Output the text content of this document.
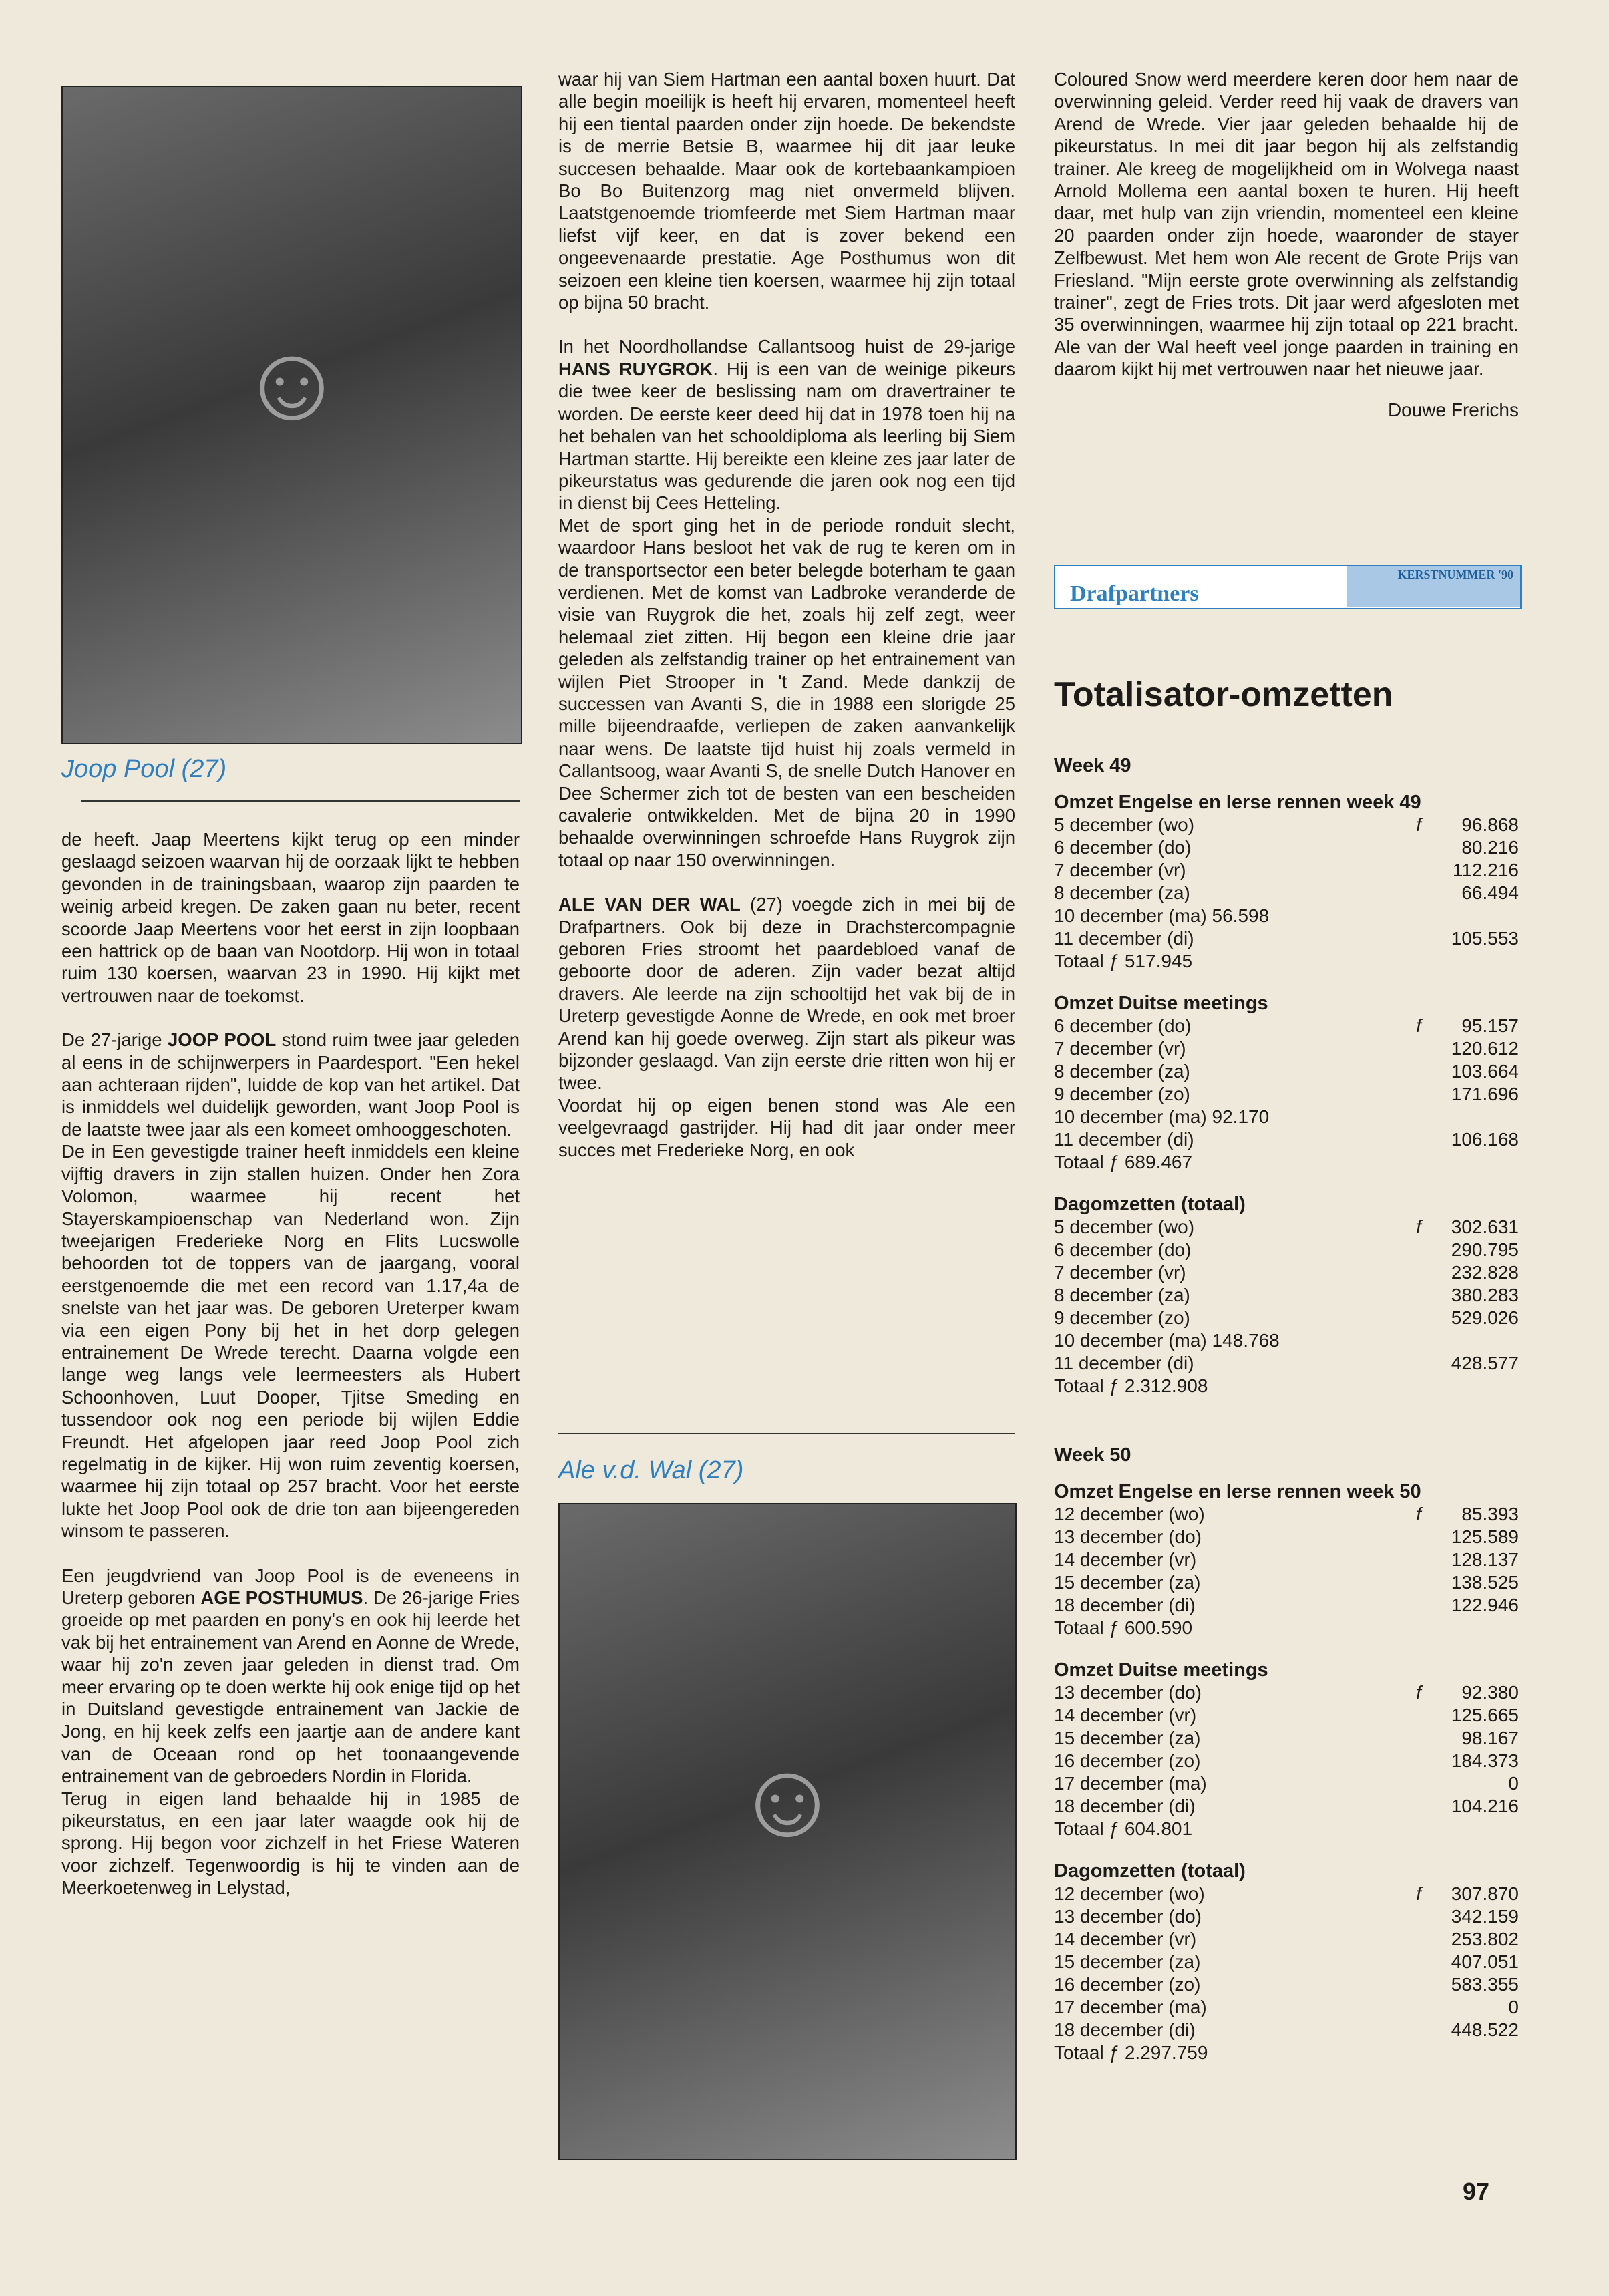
☺
Joop Pool (27)

de heeft. Jaap Meertens kijkt terug op een minder geslaagd seizoen waarvan hij de oorzaak lijkt te hebben gevonden in de trainingsbaan, waarop zijn paarden te weinig arbeid kregen. De zaken gaan nu beter, recent scoorde Jaap Meertens voor het eerst in zijn loopbaan een hattrick op de baan van Nootdorp. Hij won in totaal ruim 130 koersen, waarvan 23 in 1990. Hij kijkt met vertrouwen naar de toekomst.

De 27-jarige JOOP POOL stond ruim twee jaar geleden al eens in de schijnwerpers in Paardesport. "Een hekel aan achteraan rijden", luidde de kop van het artikel. Dat is inmiddels wel duidelijk geworden, want Joop Pool is de laatste twee jaar als een komeet omhooggeschoten.

De in Een gevestigde trainer heeft inmiddels een kleine vijftig dravers in zijn stallen huizen. Onder hen Zora Volomon, waarmee hij recent het Stayerskampioenschap van Nederland won. Zijn tweejarigen Frederieke Norg en Flits Lucswolle behoorden tot de toppers van de jaargang, vooral eerstgenoemde die met een record van 1.17,4a de snelste van het jaar was. De geboren Ureterper kwam via een eigen Pony bij het in het dorp gelegen entrainement De Wrede terecht. Daarna volgde een lange weg langs vele leermeesters als Hubert Schoonhoven, Luut Dooper, Tjitse Smeding en tussendoor ook nog een periode bij wijlen Eddie Freundt. Het afgelopen jaar reed Joop Pool zich regelmatig in de kijker. Hij won ruim zeventig koersen, waarmee hij zijn totaal op 257 bracht. Voor het eerste lukte het Joop Pool ook de drie ton aan bijeengereden winsom te passeren.

Een jeugdvriend van Joop Pool is de eveneens in Ureterp geboren AGE POSTHUMUS. De 26-jarige Fries groeide op met paarden en pony's en ook hij leerde het vak bij het entrainement van Arend en Aonne de Wrede, waar hij zo'n zeven jaar geleden in dienst trad. Om meer ervaring op te doen werkte hij ook enige tijd op het in Duitsland gevestigde entrainement van Jackie de Jong, en hij keek zelfs een jaartje aan de andere kant van de Oceaan rond op het toonaangevende entrainement van de gebroeders Nordin in Florida.

Terug in eigen land behaalde hij in 1985 de pikeurstatus, en een jaar later waagde ook hij de sprong. Hij begon voor zichzelf in het Friese Wateren voor zichzelf. Tegenwoordig is hij te vinden aan de Meerkoetenweg in Lelystad,

waar hij van Siem Hartman een aantal boxen huurt. Dat alle begin moeilijk is heeft hij ervaren, momenteel heeft hij een tiental paarden onder zijn hoede. De bekendste is de merrie Betsie B, waarmee hij dit jaar leuke succesen behaalde. Maar ook de kortebaankampioen Bo Bo Buitenzorg mag niet onvermeld blijven. Laatstgenoemde triomfeerde met Siem Hartman maar liefst vijf keer, en dat is zover bekend een ongeevenaarde prestatie. Age Posthumus won dit seizoen een kleine tien koersen, waarmee hij zijn totaal op bijna 50 bracht.

In het Noordhollandse Callantsoog huist de 29-jarige HANS RUYGROK. Hij is een van de weinige pikeurs die twee keer de beslissing nam om dravertrainer te worden. De eerste keer deed hij dat in 1978 toen hij na het behalen van het schooldiploma als leerling bij Siem Hartman startte. Hij bereikte een kleine zes jaar later de pikeurstatus was gedurende die jaren ook nog een tijd in dienst bij Cees Hetteling.

Met de sport ging het in de periode ronduit slecht, waardoor Hans besloot het vak de rug te keren om in de transportsector een beter belegde boterham te gaan verdienen. Met de komst van Ladbroke veranderde de visie van Ruygrok die het, zoals hij zelf zegt, weer helemaal ziet zitten. Hij begon een kleine drie jaar geleden als zelfstandig trainer op het entrainement van wijlen Piet Strooper in 't Zand. Mede dankzij de successen van Avanti S, die in 1988 een slorigde 25 mille bijeendraafde, verliepen de zaken aanvankelijk naar wens. De laatste tijd huist hij zoals vermeld in Callantsoog, waar Avanti S, de snelle Dutch Hanover en Dee Schermer zich tot de besten van een bescheiden cavalerie ontwikkelden. Met de bijna 20 in 1990 behaalde overwinningen schroefde Hans Ruygrok zijn totaal op naar 150 overwinningen.

ALE VAN DER WAL (27) voegde zich in mei bij de Drafpartners. Ook bij deze in Drachstercompagnie geboren Fries stroomt het paardebloed vanaf de geboorte door de aderen. Zijn vader bezat altijd dravers. Ale leerde na zijn schooltijd het vak bij de in Ureterp gevestigde Aonne de Wrede, en ook met broer Arend kan hij goede overweg. Zijn start als pikeur was bijzonder geslaagd. Van zijn eerste drie ritten won hij er twee.

Voordat hij op eigen benen stond was Ale een veelgevraagd gastrijder. Hij had dit jaar onder meer succes met Frederieke Norg, en ook

Ale v.d. Wal (27)
☺

Coloured Snow werd meerdere keren door hem naar de overwinning geleid. Verder reed hij vaak de dravers van Arend de Wrede. Vier jaar geleden behaalde hij de pikeurstatus. In mei dit jaar begon hij als zelfstandig trainer. Ale kreeg de mogelijkheid om in Wolvega naast Arnold Mollema een aantal boxen te huren. Hij heeft daar, met hulp van zijn vriendin, momenteel een kleine 20 paarden onder zijn hoede, waaronder de stayer Zelfbewust. Met hem won Ale recent de Grote Prijs van Friesland. "Mijn eerste grote overwinning als zelfstandig trainer", zegt de Fries trots. Dit jaar werd afgesloten met 35 overwinningen, waarmee hij zijn totaal op 221 bracht. Ale van der Wal heeft veel jonge paarden in training en daarom kijkt hij met vertrouwen naar het nieuwe jaar.

Douwe Frerichs
KERSTNUMMER '90
Drafpartners
Totalisator-omzetten
Week 49
Omzet Engelse en Ierse rennen week 49
5 december (wo)	f	96.868
6 december (do)	80.216
7 december (vr)	112.216
8 december (za)	66.494
10 december (ma) 56.598
11 december (di)	105.553
Totaal ƒ 517.945
Omzet Duitse meetings
6 december (do)	f	95.157
7 december (vr)	120.612
8 december (za)	103.664
9 december (zo)	171.696
10 december (ma) 92.170
11 december (di)	106.168
Totaal ƒ 689.467
Dagomzetten (totaal)
5 december (wo)	f	302.631
6 december (do)	290.795
7 december (vr)	232.828
8 december (za)	380.283
9 december (zo)	529.026
10 december (ma) 148.768
11 december (di)	428.577
Totaal ƒ 2.312.908
Week 50
Omzet Engelse en Ierse rennen week 50
12 december (wo)	f	85.393
13 december (do)	125.589
14 december (vr)	128.137
15 december (za)	138.525
18 december (di)	122.946
Totaal ƒ 600.590
Omzet Duitse meetings
13 december (do)	f	92.380
14 december (vr)	125.665
15 december (za)	98.167
16 december (zo)	184.373
17 december (ma)	0
18 december (di)	104.216
Totaal ƒ 604.801
Dagomzetten (totaal)
12 december (wo)	f	307.870
13 december (do)	342.159
14 december (vr)	253.802
15 december (za)	407.051
16 december (zo)	583.355
17 december (ma)	0
18 december (di)	448.522
Totaal ƒ 2.297.759
97
